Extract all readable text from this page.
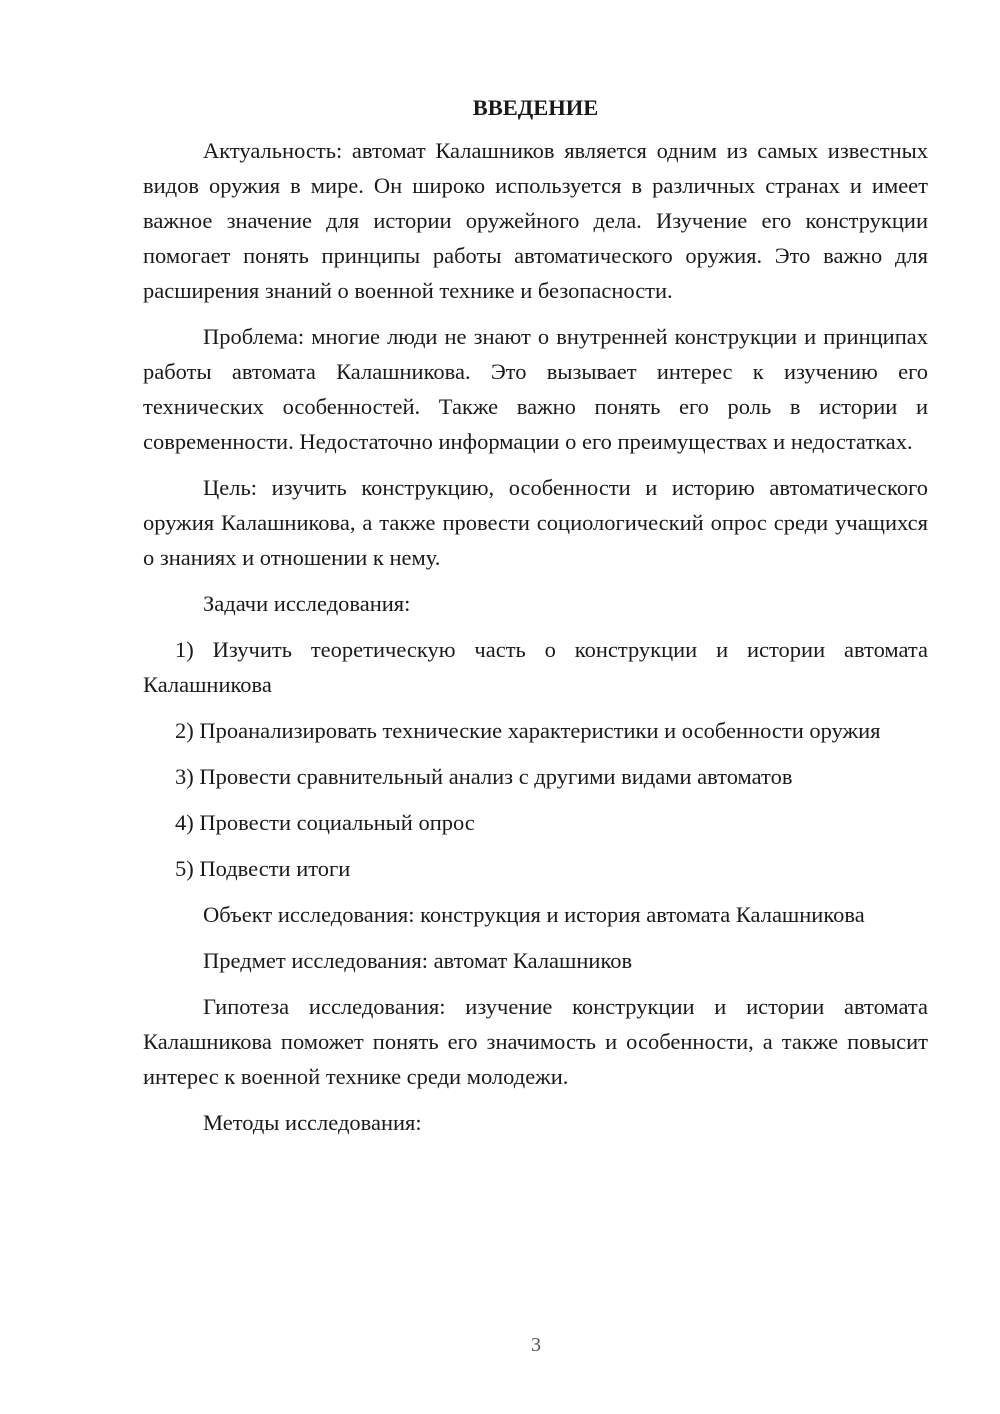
ВВЕДЕНИЕ

Актуальность: автомат Калашников является одним из самых известных видов оружия в мире. Он широко используется в различных странах и имеет важное значение для истории оружейного дела. Изучение его конструкции помогает понять принципы работы автоматического оружия. Это важно для расширения знаний о военной технике и безопасности.

Проблема: многие люди не знают о внутренней конструкции и принципах работы автомата Калашникова. Это вызывает интерес к изучению его технических особенностей. Также важно понять его роль в истории и современности. Недостаточно информации о его преимуществах и недостатках.

Цель: изучить конструкцию, особенности и историю автоматического оружия Калашникова, а также провести социологический опрос среди учащихся о знаниях и отношении к нему.

Задачи исследования:

1) Изучить теоретическую часть о конструкции и истории автомата Калашникова

2) Проанализировать технические характеристики и особенности оружия

3) Провести сравнительный анализ с другими видами автоматов

4) Провести социальный опрос

5) Подвести итоги

Объект исследования: конструкция и история автомата Калашникова

Предмет исследования: автомат Калашников

Гипотеза исследования: изучение конструкции и истории автомата Калашникова поможет понять его значимость и особенности, а также повысит интерес к военной технике среди молодежи.

Методы исследования:

3
